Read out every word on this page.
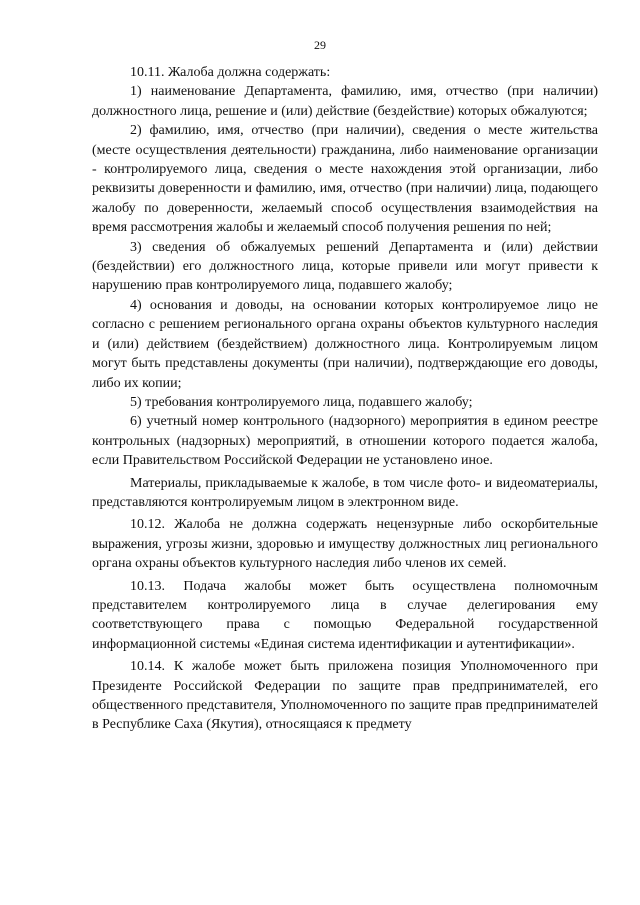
29

10.11. Жалоба должна содержать:

1) наименование Департамента, фамилию, имя, отчество (при наличии) должностного лица, решение и (или) действие (бездействие) которых обжалуются;

2) фамилию, имя, отчество (при наличии), сведения о месте жительства (месте осуществления деятельности) гражданина, либо наименование организации - контролируемого лица, сведения о месте нахождения этой организации, либо реквизиты доверенности и фамилию, имя, отчество (при наличии) лица, подающего жалобу по доверенности, желаемый способ осуществления взаимодействия на время рассмотрения жалобы и желаемый способ получения решения по ней;

3) сведения об обжалуемых решений Департамента и (или) действии (бездействии) его должностного лица, которые привели или могут привести к нарушению прав контролируемого лица, подавшего жалобу;

4) основания и доводы, на основании которых контролируемое лицо не согласно с решением регионального органа охраны объектов культурного наследия и (или) действием (бездействием) должностного лица. Контролируемым лицом могут быть представлены документы (при наличии), подтверждающие его доводы, либо их копии;

5) требования контролируемого лица, подавшего жалобу;

6) учетный номер контрольного (надзорного) мероприятия в едином реестре контрольных (надзорных) мероприятий, в отношении которого подается жалоба, если Правительством Российской Федерации не установлено иное.

Материалы, прикладываемые к жалобе, в том числе фото- и видеоматериалы, представляются контролируемым лицом в электронном виде.

10.12. Жалоба не должна содержать нецензурные либо оскорбительные выражения, угрозы жизни, здоровью и имуществу должностных лиц регионального органа охраны объектов культурного наследия либо членов их семей.

10.13. Подача жалобы может быть осуществлена полномочным представителем контролируемого лица в случае делегирования ему соответствующего права с помощью Федеральной государственной информационной системы «Единая система идентификации и аутентификации».

10.14. К жалобе может быть приложена позиция Уполномоченного при Президенте Российской Федерации по защите прав предпринимателей, его общественного представителя, Уполномоченного по защите прав предпринимателей в Республике Саха (Якутия), относящаяся к предмету
